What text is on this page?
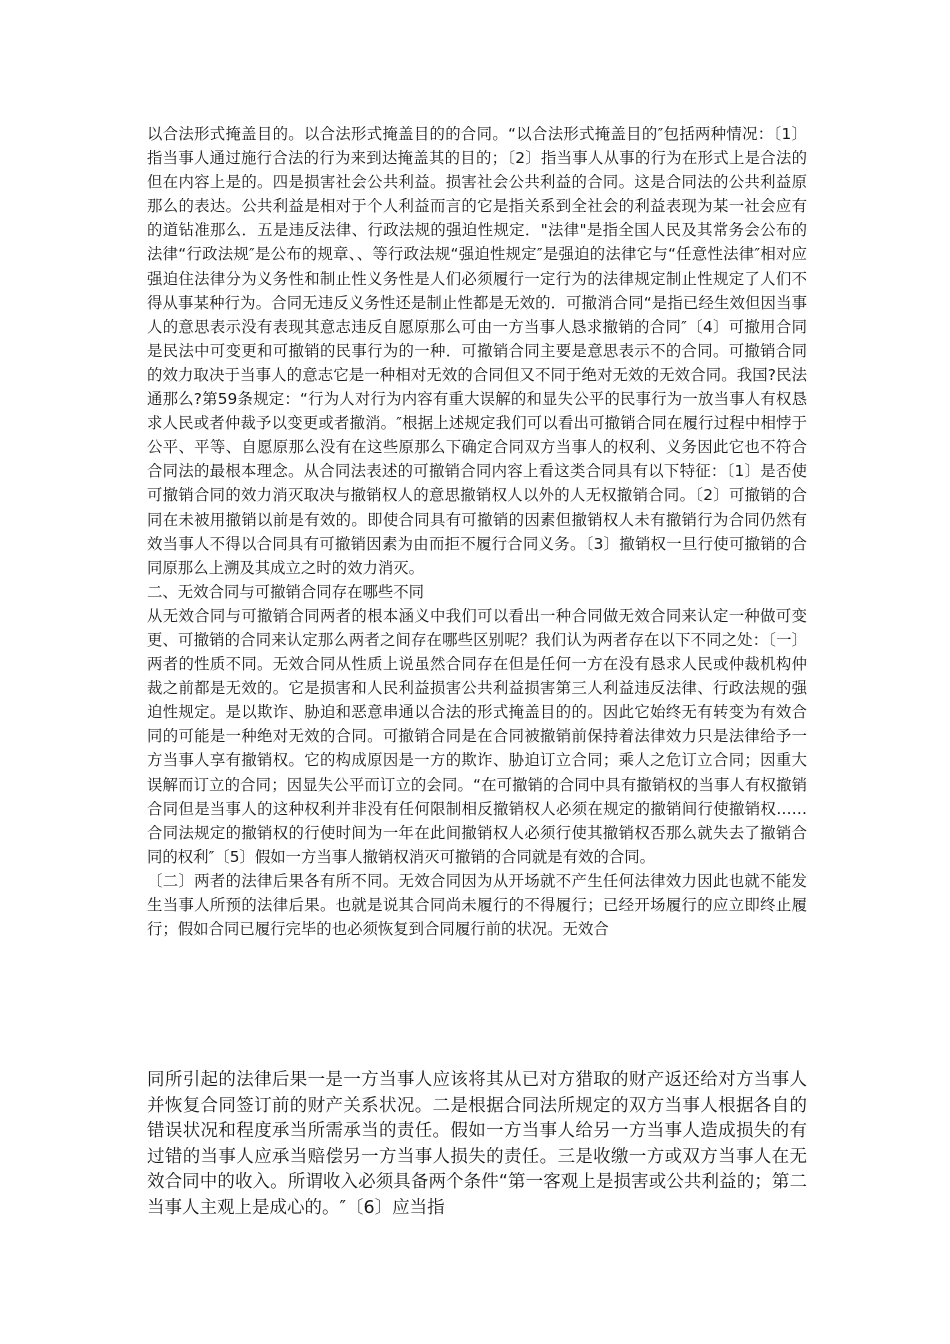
以合法形式掩盖目的。以合法形式掩盖目的的合同。“以合法形式掩盖目的″包括两种情况：〔1〕指当事人通过施行合法的行为来到达掩盖其的目的；〔2〕指当事人从事的行为在形式上是合法的但在内容上是的。四是损害社会公共利益。损害社会公共利益的合同。这是合同法的公共利益原那么的表达。公共利益是相对于个人利益而言的它是指关系到全社会的利益表现为某一社会应有的道钻准那么．五是违反法律、行政法规的强迫性规定．"法律"是指全国人民及其常务会公布的法律“行政法规″是公布的规章、、等行政法规“强迫性规定″是强迫的法律它与“任意性法律″相对应强迫住法律分为义务性和制止性义务性是人们必须履行一定行为的法律规定制止性规定了人们不得从事某种行为。合同无违反义务性还是制止性都是无效的．可撤消合同“是指已经生效但因当事人的意思表示没有表现其意志违反自愿原那么可由一方当事人恳求撤销的合同″〔4〕可撤用合同是民法中可变更和可撤销的民事行为的一种．可撤销合同主要是意思表示不的合同。可撤销合同的效力取决于当事人的意志它是一种相对无效的合同但又不同于绝对无效的无效合同。我国?民法通那么?第59条规定：“行为人对行为内容有重大误解的和显失公平的民事行为一放当事人有权恳求人民或者仲裁予以变更或者撤消。″根据上述规定我们可以看出可撤销合同在履行过程中相悖于公平、平等、自愿原那么没有在这些原那么下确定合同双方当事人的权利、义务因此它也不符合合同法的最根本理念。从合同法表述的可撤销合同内容上看这类合同具有以下特征：〔1〕是否使可撤销合同的效力消灭取决与撤销权人的意思撤销权人以外的人无权撤销合同。〔2〕可撤销的合同在未被用撤销以前是有效的。即使合同具有可撤销的因素但撤销权人未有撤销行为合同仍然有效当事人不得以合同具有可撤销因素为由而拒不履行合同义务。〔3〕撤销权一旦行使可撤销的合同原那么上溯及其成立之时的效力消灭。

二、无效合同与可撤销合同存在哪些不同

从无效合同与可撤销合同两者的根本涵义中我们可以看出一种合同做无效合同来认定一种做可变更、可撤销的合同来认定那么两者之间存在哪些区别呢？我们认为两者存在以下不同之处：〔一〕两者的性质不同。无效合同从性质上说虽然合同存在但是任何一方在没有恳求人民或仲裁机构仲裁之前都是无效的。它是损害和人民利益损害公共利益损害第三人利益违反法律、行政法规的强迫性规定。是以欺诈、胁迫和恶意串通以合法的形式掩盖目的的。因此它始终无有转变为有效合同的可能是一种绝对无效的合同。可撤销合同是在合同被撤销前保持着法律效力只是法律给予一方当事人享有撤销权。它的构成原因是一方的欺诈、胁迫订立合同；乘人之危订立合同；因重大误解而订立的合同；因显失公平而订立的会同。“在可撤销的合同中具有撤销权的当事人有权撤销合同但是当事人的这种权利并非没有任何限制相反撤销权人必须在规定的撤销间行使撤销权……合同法规定的撤销权的行使时间为一年在此间撤销权人必须行使其撤销权否那么就失去了撤销合同的权利″〔5〕假如一方当事人撤销权消灭可撤销的合同就是有效的合同。

〔二〕两者的法律后果各有所不同。无效合同因为从开场就不产生任何法律效力因此也就不能发生当事人所预的法律后果。也就是说其合同尚未履行的不得履行；已经开场履行的应立即终止履行；假如合同已履行完毕的也必须恢复到合同履行前的状况。无效合

同所引起的法律后果一是一方当事人应该将其从已对方猎取的财产返还给对方当事人并恢复合同签订前的财产关系状况。二是根据合同法所规定的双方当事人根据各自的错误状况和程度承当所需承当的责任。假如一方当事人给另一方当事人造成损失的有过错的当事人应承当赔偿另一方当事人损失的责任。三是收缴一方或双方当事人在无效合同中的收入。所谓收入必须具备两个条件“第一客观上是损害或公共利益的；第二当事人主观上是成心的。″〔6〕应当指
